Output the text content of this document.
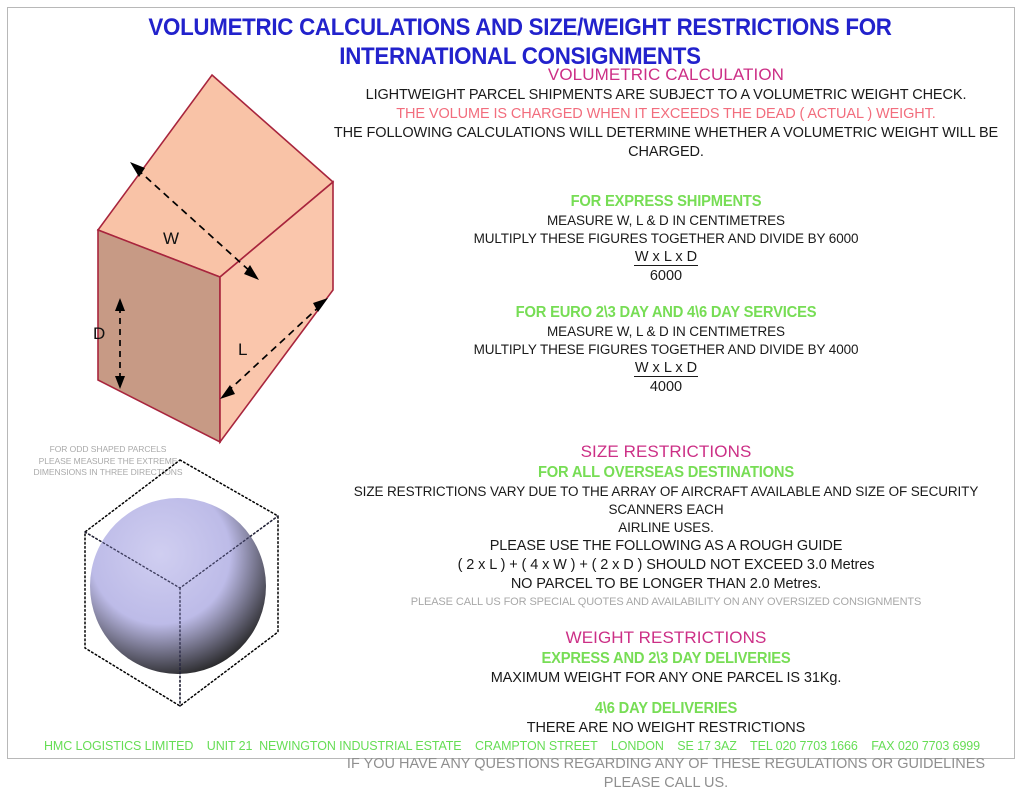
VOLUMETRIC CALCULATIONS AND SIZE/WEIGHT RESTRICTIONS FOR
INTERNATIONAL CONSIGNMENTS
W
L
D
FOR ODD SHAPED PARCELS
PLEASE MEASURE THE EXTREME
DIMENSIONS IN THREE DIRECTIONS

VOLUMETRIC CALCULATION

LIGHTWEIGHT PARCEL SHIPMENTS ARE SUBJECT TO A VOLUMETRIC WEIGHT CHECK.

THE VOLUME IS CHARGED WHEN IT EXCEEDS THE DEAD ( ACTUAL ) WEIGHT.

THE FOLLOWING CALCULATIONS WILL DETERMINE WHETHER A VOLUMETRIC WEIGHT WILL BE

CHARGED.

FOR EXPRESS SHIPMENTS

MEASURE W, L & D IN CENTIMETRES

MULTIPLY THESE FIGURES TOGETHER AND DIVIDE BY 6000

W x L x D

6000

FOR EURO 2\3 DAY AND 4\6 DAY SERVICES

MEASURE W, L & D IN CENTIMETRES

MULTIPLY THESE FIGURES TOGETHER AND DIVIDE BY 4000

W x L x D

4000

SIZE RESTRICTIONS

FOR ALL OVERSEAS DESTINATIONS

SIZE RESTRICTIONS VARY DUE TO THE ARRAY OF AIRCRAFT AVAILABLE AND SIZE OF SECURITY SCANNERS EACH

AIRLINE USES.

PLEASE USE THE FOLLOWING AS A ROUGH GUIDE

( 2 x L ) + ( 4 x W ) + ( 2 x D ) SHOULD NOT EXCEED 3.0 Metres

NO PARCEL TO BE LONGER THAN 2.0 Metres.

PLEASE CALL US FOR SPECIAL QUOTES AND AVAILABILITY ON ANY OVERSIZED CONSIGNMENTS

WEIGHT RESTRICTIONS

EXPRESS AND 2\3 DAY DELIVERIES

MAXIMUM WEIGHT FOR ANY ONE PARCEL IS 31Kg.

4\6 DAY DELIVERIES

THERE ARE NO WEIGHT RESTRICTIONS

IF YOU HAVE ANY QUESTIONS REGARDING ANY OF THESE REGULATIONS OR GUIDELINES

PLEASE CALL US.

HMC LOGISTICS LIMITED    UNIT 21  NEWINGTON INDUSTRIAL ESTATE    CRAMPTON STREET    LONDON    SE 17 3AZ    TEL 020 7703 1666    FAX 020 7703 6999
